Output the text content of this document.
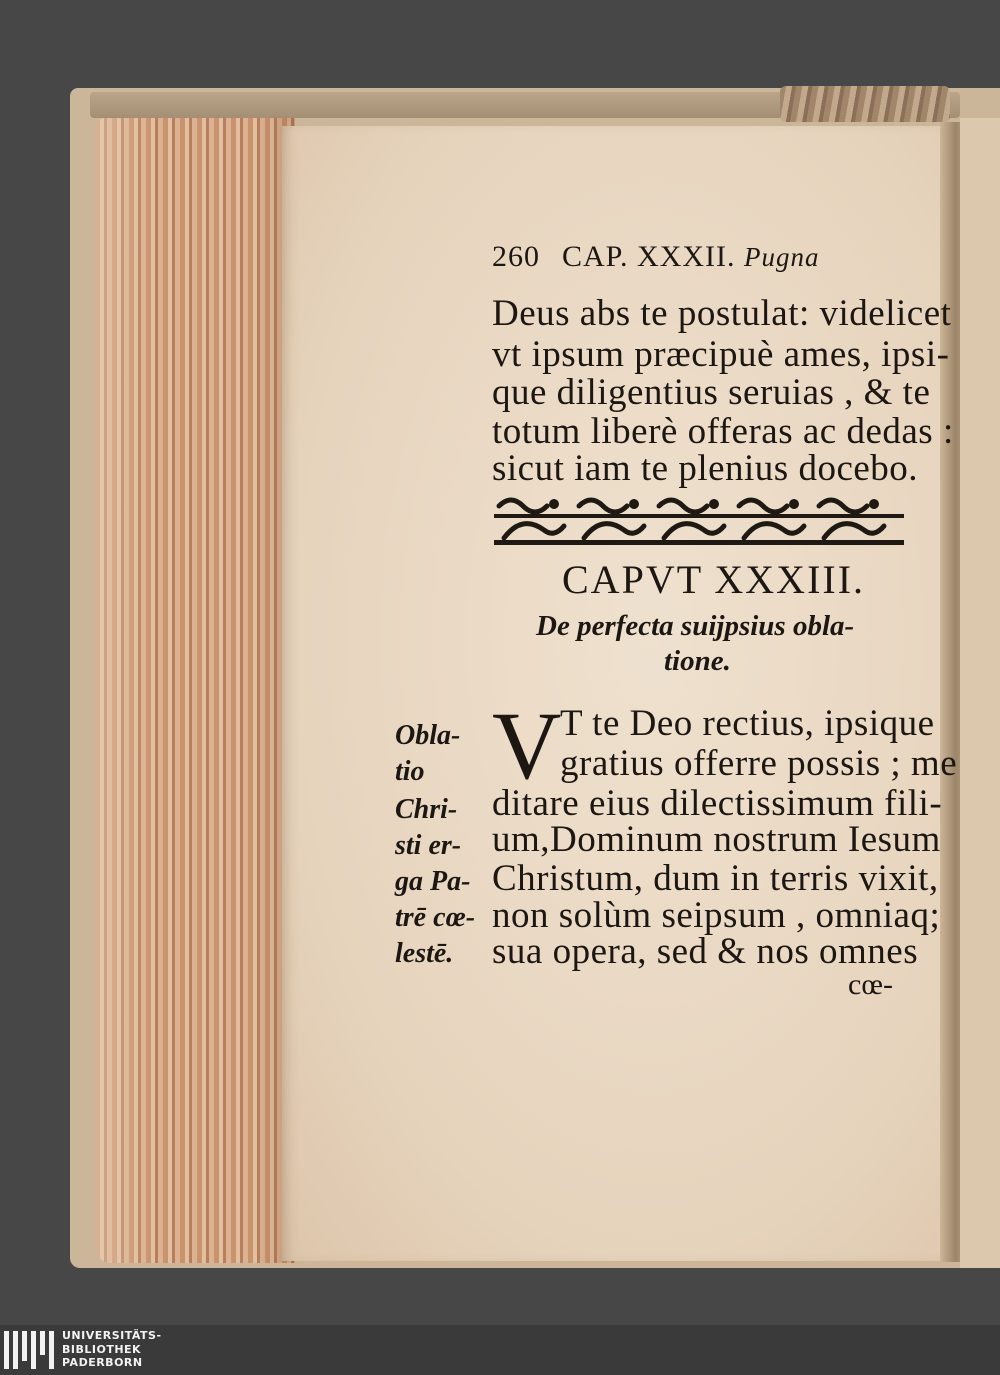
260 CAP. XXXII. Pugna

Deus abs te postulat: videlicet

vt ipsum præcipuè ames, ipsi-

que diligentius seruias , & te

totum liberè offeras ac dedas :

sicut iam te plenius docebo.

CAPVT XXXIII.

De perfecta suijpsius obla-

tione.

V

T te Deo rectius, ipsique

gratius offerre possis ; me

ditare eius dilectissimum fili-

um,Dominum nostrum Iesum

Christum, dum in terris vixit,

non solùm seipsum , omniaq;

sua opera, sed & nos omnes

cœ-

Obla-

tio

Chri-

sti er-

ga Pa-

trē cœ-

lestē.

UNIVERSITÄTS-
BIBLIOTHEK
PADERBORN
